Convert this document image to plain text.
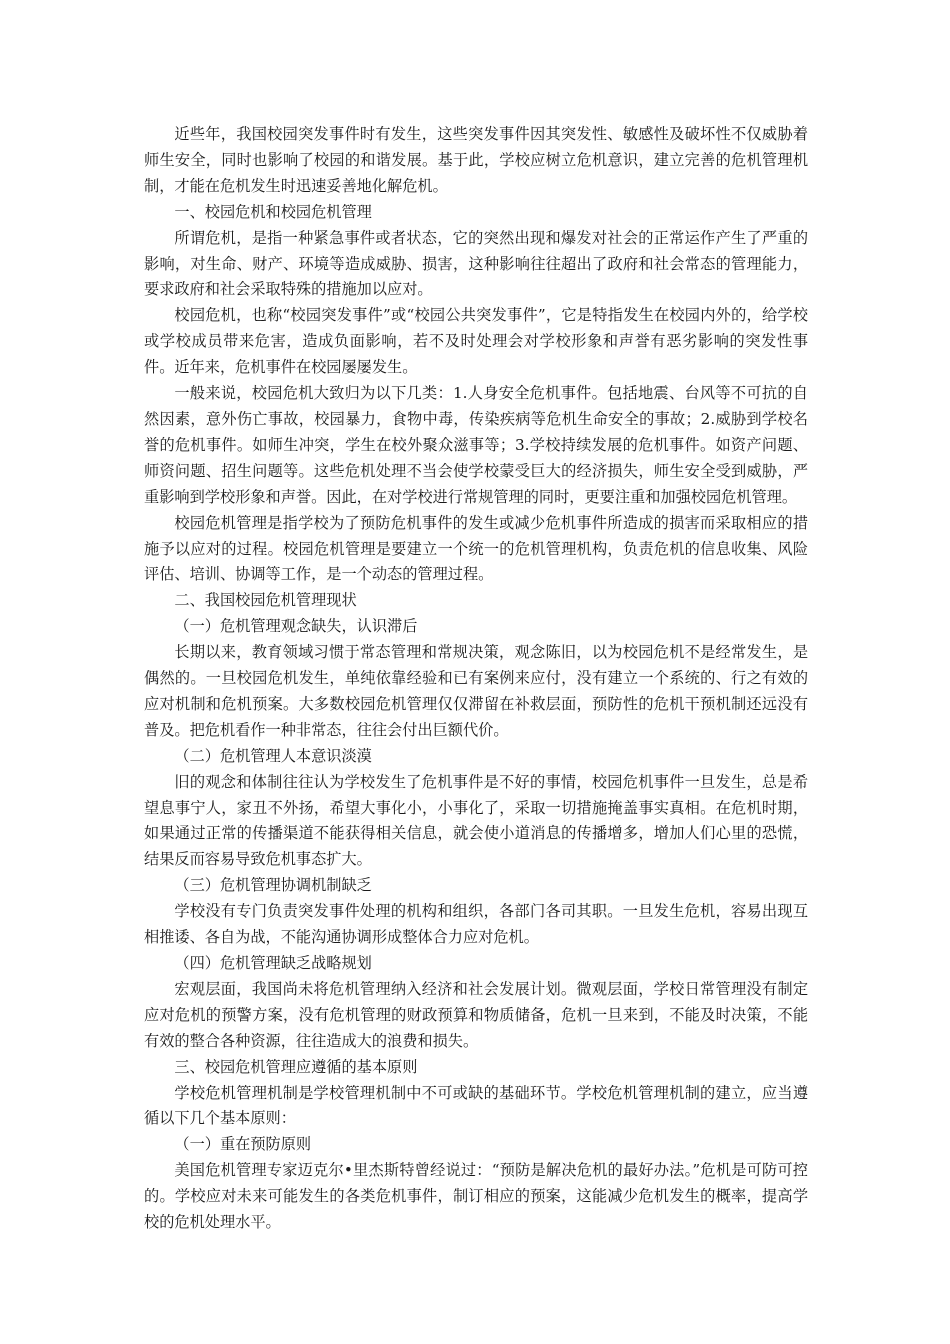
近些年，我国校园突发事件时有发生，这些突发事件因其突发性、敏感性及破坏性不仅威胁着师生安全，同时也影响了校园的和谐发展。基于此，学校应树立危机意识，建立完善的危机管理机制，才能在危机发生时迅速妥善地化解危机。

一、校园危机和校园危机管理

所谓危机，是指一种紧急事件或者状态，它的突然出现和爆发对社会的正常运作产生了严重的影响，对生命、财产、环境等造成威胁、损害，这种影响往往超出了政府和社会常态的管理能力，要求政府和社会采取特殊的措施加以应对。

校园危机，也称“校园突发事件”或“校园公共突发事件”，它是特指发生在校园内外的，给学校或学校成员带来危害，造成负面影响，若不及时处理会对学校形象和声誉有恶劣影响的突发性事件。近年来，危机事件在校园屡屡发生。

一般来说，校园危机大致归为以下几类：1.人身安全危机事件。包括地震、台风等不可抗的自然因素，意外伤亡事故，校园暴力，食物中毒，传染疾病等危机生命安全的事故；2.威胁到学校名誉的危机事件。如师生冲突，学生在校外聚众滋事等；3.学校持续发展的危机事件。如资产问题、师资问题、招生问题等。这些危机处理不当会使学校蒙受巨大的经济损失，师生安全受到威胁，严重影响到学校形象和声誉。因此，在对学校进行常规管理的同时，更要注重和加强校园危机管理。

校园危机管理是指学校为了预防危机事件的发生或减少危机事件所造成的损害而采取相应的措施予以应对的过程。校园危机管理是要建立一个统一的危机管理机构，负责危机的信息收集、风险评估、培训、协调等工作，是一个动态的管理过程。

二、我国校园危机管理现状

（一）危机管理观念缺失，认识滞后

长期以来，教育领域习惯于常态管理和常规决策，观念陈旧，以为校园危机不是经常发生，是偶然的。一旦校园危机发生，单纯依靠经验和已有案例来应付，没有建立一个系统的、行之有效的应对机制和危机预案。大多数校园危机管理仅仅滞留在补救层面，预防性的危机干预机制还远没有普及。把危机看作一种非常态，往往会付出巨额代价。

（二）危机管理人本意识淡漠

旧的观念和体制往往认为学校发生了危机事件是不好的事情，校园危机事件一旦发生，总是希望息事宁人，家丑不外扬，希望大事化小，小事化了，采取一切措施掩盖事实真相。在危机时期，如果通过正常的传播渠道不能获得相关信息，就会使小道消息的传播增多，增加人们心里的恐慌，结果反而容易导致危机事态扩大。

（三）危机管理协调机制缺乏

学校没有专门负责突发事件处理的机构和组织，各部门各司其职。一旦发生危机，容易出现互相推诿、各自为战，不能沟通协调形成整体合力应对危机。

（四）危机管理缺乏战略规划

宏观层面，我国尚未将危机管理纳入经济和社会发展计划。微观层面，学校日常管理没有制定应对危机的预警方案，没有危机管理的财政预算和物质储备，危机一旦来到，不能及时决策，不能有效的整合各种资源，往往造成大的浪费和损失。

三、校园危机管理应遵循的基本原则

学校危机管理机制是学校管理机制中不可或缺的基础环节。学校危机管理机制的建立，应当遵循以下几个基本原则：

（一）重在预防原则

美国危机管理专家迈克尔•里杰斯特曾经说过：“预防是解决危机的最好办法。”危机是可防可控的。学校应对未来可能发生的各类危机事件，制订相应的预案，这能减少危机发生的概率，提高学校的危机处理水平。
